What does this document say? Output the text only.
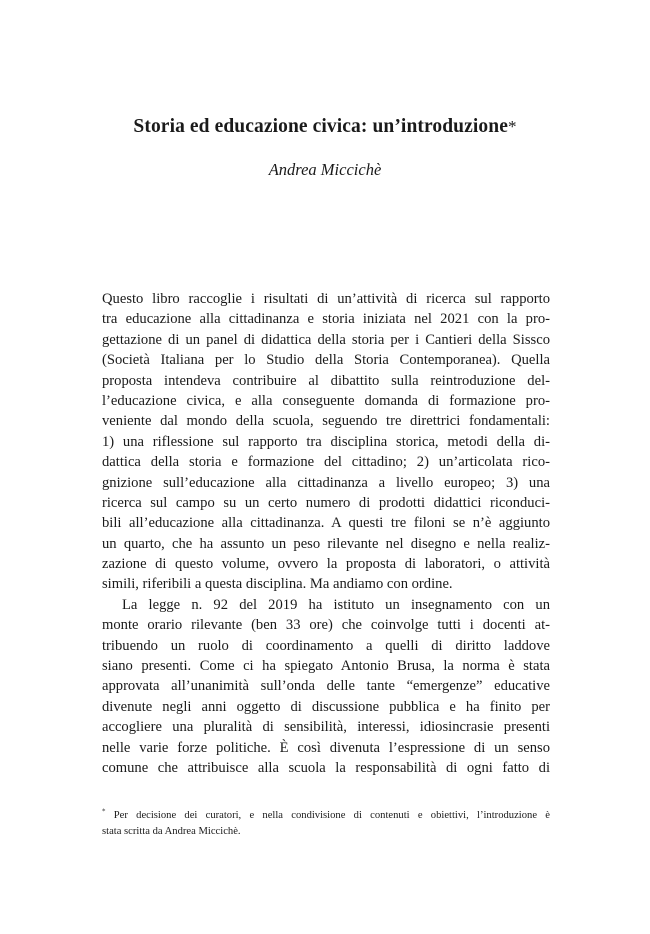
Storia ed educazione civica: un’introduzione*

Andrea Miccichè

Questo libro raccoglie i risultati di un’attività di ricerca sul rapporto
tra educazione alla cittadinanza e storia iniziata nel 2021 con la pro-
gettazione di un panel di didattica della storia per i Cantieri della Sissco
(Società Italiana per lo Studio della Storia Contemporanea). Quella
proposta intendeva contribuire al dibattito sulla reintroduzione del-
l’educazione civica, e alla conseguente domanda di formazione pro-
veniente dal mondo della scuola, seguendo tre direttrici fondamentali:
1) una riflessione sul rapporto tra disciplina storica, metodi della di-
dattica della storia e formazione del cittadino; 2) un’articolata rico-
gnizione sull’educazione alla cittadinanza a livello europeo; 3) una
ricerca sul campo su un certo numero di prodotti didattici riconduci-
bili all’educazione alla cittadinanza. A questi tre filoni se n’è aggiunto
un quarto, che ha assunto un peso rilevante nel disegno e nella realiz-
zazione di questo volume, ovvero la proposta di laboratori, o attività
simili, riferibili a questa disciplina. Ma andiamo con ordine.
La legge n. 92 del 2019 ha istituto un insegnamento con un
monte orario rilevante (ben 33 ore) che coinvolge tutti i docenti at-
tribuendo un ruolo di coordinamento a quelli di diritto laddove
siano presenti. Come ci ha spiegato Antonio Brusa, la norma è stata
approvata all’unanimità sull’onda delle tante “emergenze” educative
divenute negli anni oggetto di discussione pubblica e ha finito per
accogliere una pluralità di sensibilità, interessi, idiosincrasie presenti
nelle varie forze politiche. È così divenuta l’espressione di un senso
comune che attribuisce alla scuola la responsabilità di ogni fatto di
* Per decisione dei curatori, e nella condivisione di contenuti e obiettivi, l’introduzione è
stata scritta da Andrea Miccichè.
